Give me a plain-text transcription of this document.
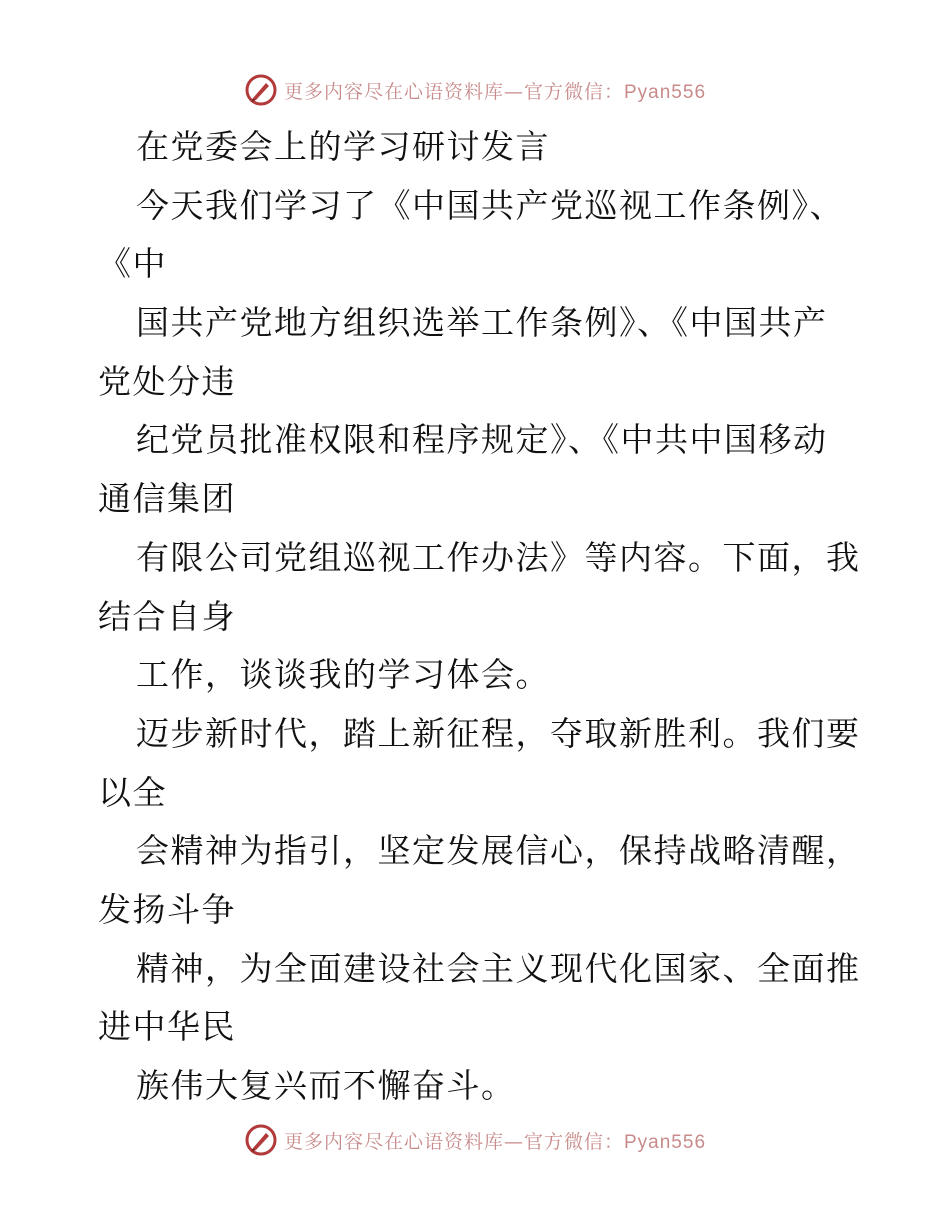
更多内容尽在心语资料库—官方微信：Pyan556
在党委会上的学习研讨发言
今天我们学习了《中国共产党巡视工作条例》、
《中
国共产党地方组织选举工作条例》、《中国共产
党处分违
纪党员批准权限和程序规定》、《中共中国移动
通信集团
有限公司党组巡视工作办法》等内容。下面，我
结合自身
工作，谈谈我的学习体会。
迈步新时代，踏上新征程，夺取新胜利。我们要
以全
会精神为指引，坚定发展信心，保持战略清醒，
发扬斗争
精神，为全面建设社会主义现代化国家、全面推
进中华民
族伟大复兴而不懈奋斗。
更多内容尽在心语资料库—官方微信：Pyan556
